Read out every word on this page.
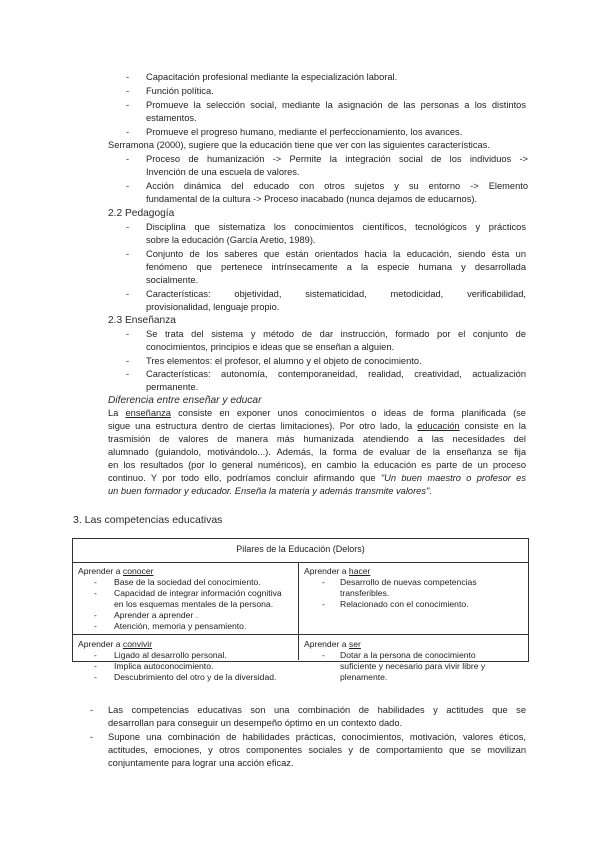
- Capacitación profesional mediante la especialización laboral.
- Función política.
- Promueve la selección social, mediante la asignación de las personas a los distintos
estamentos.
- Promueve el progreso humano, mediante el perfeccionamiento, los avances.
Serramona (2000), sugiere que la educación tiene que ver con las siguientes características.
- Proceso de humanización -> Permite la integración social de los individuos ->
Invención de una escuela de valores.
- Acción dinámica del educado con otros sujetos y su entorno -> Elemento
fundamental de la cultura -> Proceso inacabado (nunca dejamos de educarnos).
2.2 Pedagogía
- Disciplina que sistematiza los conocimientos científicos, tecnológicos y prácticos
sobre la educación (García Aretio, 1989).
- Conjunto de los saberes que están orientados hacia la educación, siendo ésta un
fenómeno que pertenece intrínsecamente a la especie humana y desarrollada
socialmente.
- Características: objetividad, sistematicidad, metodicidad, verificabilidad,
provisionalidad, lenguaje propio.
2.3 Enseñanza
- Se trata del sistema y método de dar instrucción, formado por el conjunto de
conocimientos, principios e ideas que se enseñan a alguien.
- Tres elementos: el profesor, el alumno y el objeto de conocimiento.
- Características: autonomía, contemporaneidad, realidad, creatividad, actualización
permanente.
Diferencia entre enseñar y educar
La enseñanza consiste en exponer unos conocimientos o ideas de forma planificada (se
sigue una estructura dentro de ciertas limitaciones). Por otro lado, la educación consiste en la
trasmisión de valores de manera más humanizada atendiendo a las necesidades del
alumnado (guiandolo, motivándolo...). Además, la forma de evaluar de la enseñanza se fija
en los resultados (por lo general numéricos), en cambio la educación es parte de un proceso
continuo. Y por todo ello, podríamos concluir afirmando que "Un buen maestro o profesor es
un buen formador y educador. Enseña la materia y además transmite valores".
3. Las competencias educativas
Pilares de la Educación (Delors)
Aprender a conocer
- Base de la sociedad del conocimiento.
- Capacidad de integrar información cognitiva
en los esquemas mentales de la persona.
- Aprender a aprender .
- Atención, memoria y pensamiento.
Aprender a hacer
- Desarrollo de nuevas competencias
transferibles.
- Relacionado con el conocimiento.
Aprender a convivir
- Ligado al desarrollo personal.
- Implica autoconocimiento.
- Descubrimiento del otro y de la diversidad.
Aprender a ser
- Dotar a la persona de conocimiento
suficiente y necesario para vivir libre y
plenamente.
- Las competencias educativas son una combinación de habilidades y actitudes que se
desarrollan para conseguir un desempeño óptimo en un contexto dado.
- Supone una combinación de habilidades prácticas, conocimientos, motivación, valores éticos,
actitudes, emociones, y otros componentes sociales y de comportamiento que se movilizan
conjuntamente para lograr una acción eficaz.
